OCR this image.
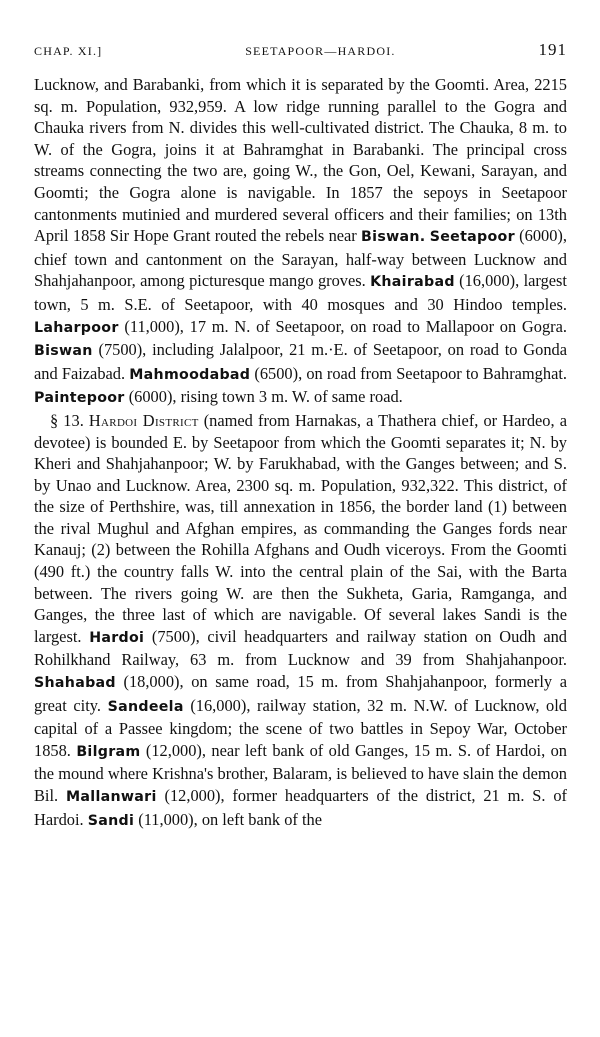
CHAP. XI.]	SEETAPOOR—HARDOI.	191

Lucknow, and Barabanki, from which it is separated by the Goomti. Area, 2215 sq. m. Population, 932,959. A low ridge running parallel to the Gogra and Chauka rivers from N. divides this well-cultivated district. The Chauka, 8 m. to W. of the Gogra, joins it at Bahramghat in Barabanki. The principal cross streams connecting the two are, going W., the Gon, Oel, Kewani, Sarayan, and Goomti; the Gogra alone is navigable. In 1857 the sepoys in Seetapoor cantonments mutinied and murdered several officers and their families; on 13th April 1858 Sir Hope Grant routed the rebels near Biswan. Seetapoor (6000), chief town and cantonment on the Sarayan, half-way between Lucknow and Shahjahanpoor, among picturesque mango groves. Khairabad (16,000), largest town, 5 m. S.E. of Seetapoor, with 40 mosques and 30 Hindoo temples. Laharpoor (11,000), 17 m. N. of Seetapoor, on road to Mallapoor on Gogra. Biswan (7500), including Jalalpoor, 21 m.·E. of Seetapoor, on road to Gonda and Faizabad. Mahmoodabad (6500), on road from Seetapoor to Bahramghat. Paintepoor (6000), rising town 3 m. W. of same road.

§ 13. Hardoi District (named from Harnakas, a Thathera chief, or Hardeo, a devotee) is bounded E. by Seetapoor from which the Goomti separates it; N. by Kheri and Shahjahanpoor; W. by Farukhabad, with the Ganges between; and S. by Unao and Lucknow. Area, 2300 sq. m. Population, 932,322. This district, of the size of Perthshire, was, till annexation in 1856, the border land (1) between the rival Mughul and Afghan empires, as commanding the Ganges fords near Kanauj; (2) between the Rohilla Afghans and Oudh viceroys. From the Goomti (490 ft.) the country falls W. into the central plain of the Sai, with the Barta between. The rivers going W. are then the Sukheta, Garia, Ramganga, and Ganges, the three last of which are navigable. Of several lakes Sandi is the largest. Hardoi (7500), civil headquarters and railway station on Oudh and Rohilkhand Railway, 63 m. from Lucknow and 39 from Shahjahanpoor. Shahabad (18,000), on same road, 15 m. from Shahjahanpoor, formerly a great city. Sandeela (16,000), railway station, 32 m. N.W. of Lucknow, old capital of a Passee kingdom; the scene of two battles in Sepoy War, October 1858. Bilgram (12,000), near left bank of old Ganges, 15 m. S. of Hardoi, on the mound where Krishna's brother, Balaram, is believed to have slain the demon Bil. Mallanwari (12,000), former headquarters of the district, 21 m. S. of Hardoi. Sandi (11,000), on left bank of the
